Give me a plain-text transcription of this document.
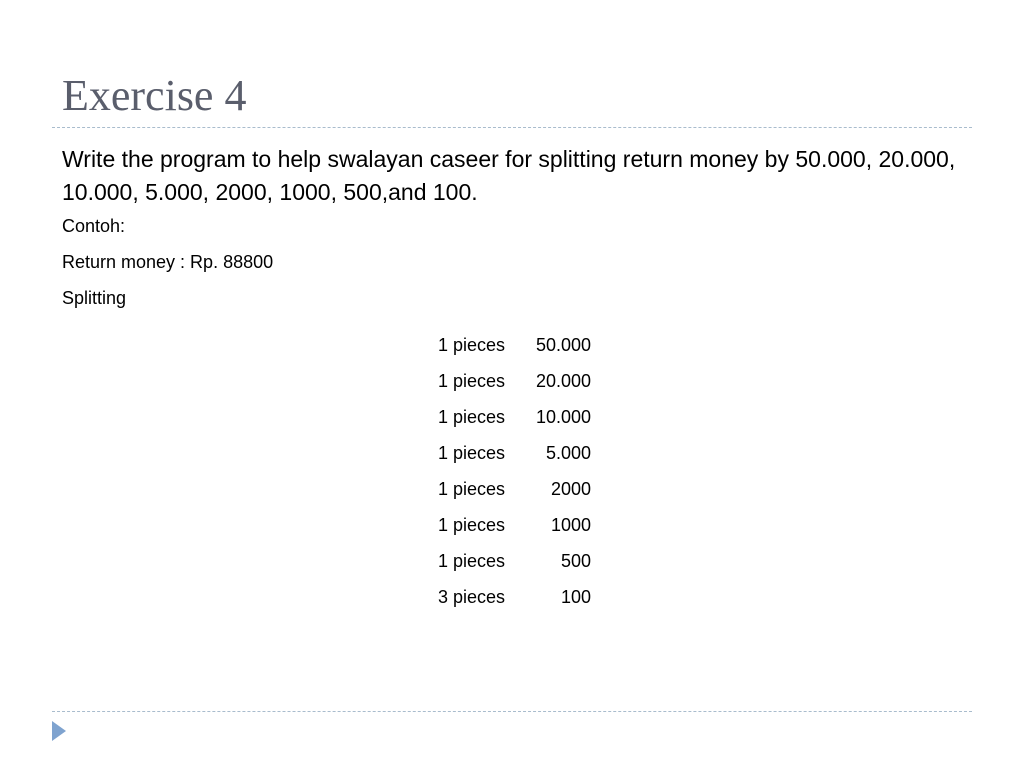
Exercise 4

Write the program to help swalayan caseer for splitting return money by 50.000, 20.000, 10.000, 5.000, 2000, 1000, 500,and 100.

Contoh:

Return money : Rp. 88800

Splitting

1	pieces	50.000
1	pieces	20.000
1	pieces	10.000
1	pieces	5.000
1	pieces	2000
1	pieces	1000
1	pieces	500
3	pieces	100
